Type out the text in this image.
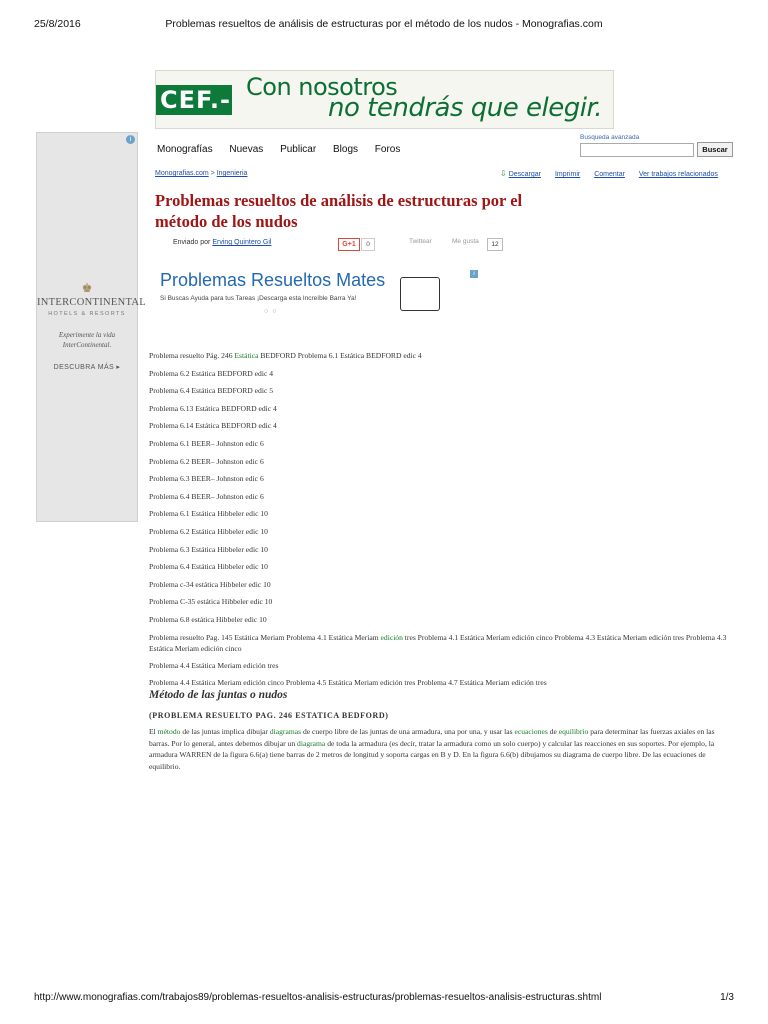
25/8/2016	Problemas resueltos de análisis de estructuras por el método de los nudos - Monografias.com
CEF.- Con nosotros
no tendrás que elegir.
i
♚
INTERCONTINENTAL
HOTELS & RESORTS
Experimente la vida
InterContinental.
DESCUBRA MÁS ▸
Monografías Nuevas Publicar Blogs Foros
Busqueda avanzada
Buscar
Monografias.com > Ingenieria	⇩ Descargar Imprimir Comentar Ver trabajos relacionados
Problemas resueltos de análisis de estructuras por el método de los nudos
Enviado por Erving Quintero Gil	G+1	0	Twittear	Me gusta	12
Problemas Resueltos Mates
Si Buscas Ayuda para tus Tareas ¡Descarga esta Increíble Barra Ya!
i
○○
Problema resuelto Pág. 246 Estática BEDFORD Problema 6.1 Estática BEDFORD edic 4
Problema 6.2 Estática BEDFORD edic 4
Problema 6.4 Estática BEDFORD edic 5
Problema 6.13 Estática BEDFORD edic 4
Problema 6.14 Estática BEDFORD edic 4
Problema 6.1 BEER– Johnston edic 6
Problema 6.2 BEER– Johnston edic 6
Problema 6.3 BEER– Johnston edic 6
Problema 6.4 BEER– Johnston edic 6
Problema 6.1 Estática Hibbeler edic 10
Problema 6.2 Estática Hibbeler edic 10
Problema 6.3 Estática Hibbeler edic 10
Problema 6.4 Estática Hibbeler edic 10
Problema c-34 estática Hibbeler edic 10
Problema C-35 estática Hibbeler edic 10
Problema 6.8 estática Hibbeler edic 10
Problema resuelto Pag. 145 Estática Meriam Problema 4.1 Estática Meriam edición tres Problema 4.1 Estática Meriam edición cinco Problema 4.3 Estática Meriam edición tres Problema 4.3 Estática Meriam edición cinco
Problema 4.4 Estática Meriam edición tres
Problema 4.4 Estática Meriam edición cinco Problema 4.5 Estática Meriam edición tres Problema 4.7 Estática Meriam edición tres
Método de las juntas o nudos
(PROBLEMA RESUELTO PAG. 246 ESTATICA BEDFORD)

El método de las juntas implica dibujar diagramas de cuerpo libre de las juntas de una armadura, una por una, y usar las ecuaciones de equilibrio para determinar las fuerzas axiales en las barras. Por lo general, antes debemos dibujar un diagrama de toda la armadura (es decir, tratar la armadura como un solo cuerpo) y calcular las reacciones en sus soportes. Por ejemplo, la armadura WARREN de la figura 6.6(a) tiene barras de 2 metros de longitud y soporta cargas en B y D. En la figura 6.6(b) dibujamos su diagrama de cuerpo libre. De las ecuaciones de equilibrio.

http://www.monografias.com/trabajos89/problemas-resueltos-analisis-estructuras/problemas-resueltos-analisis-estructuras.shtml	1/3
